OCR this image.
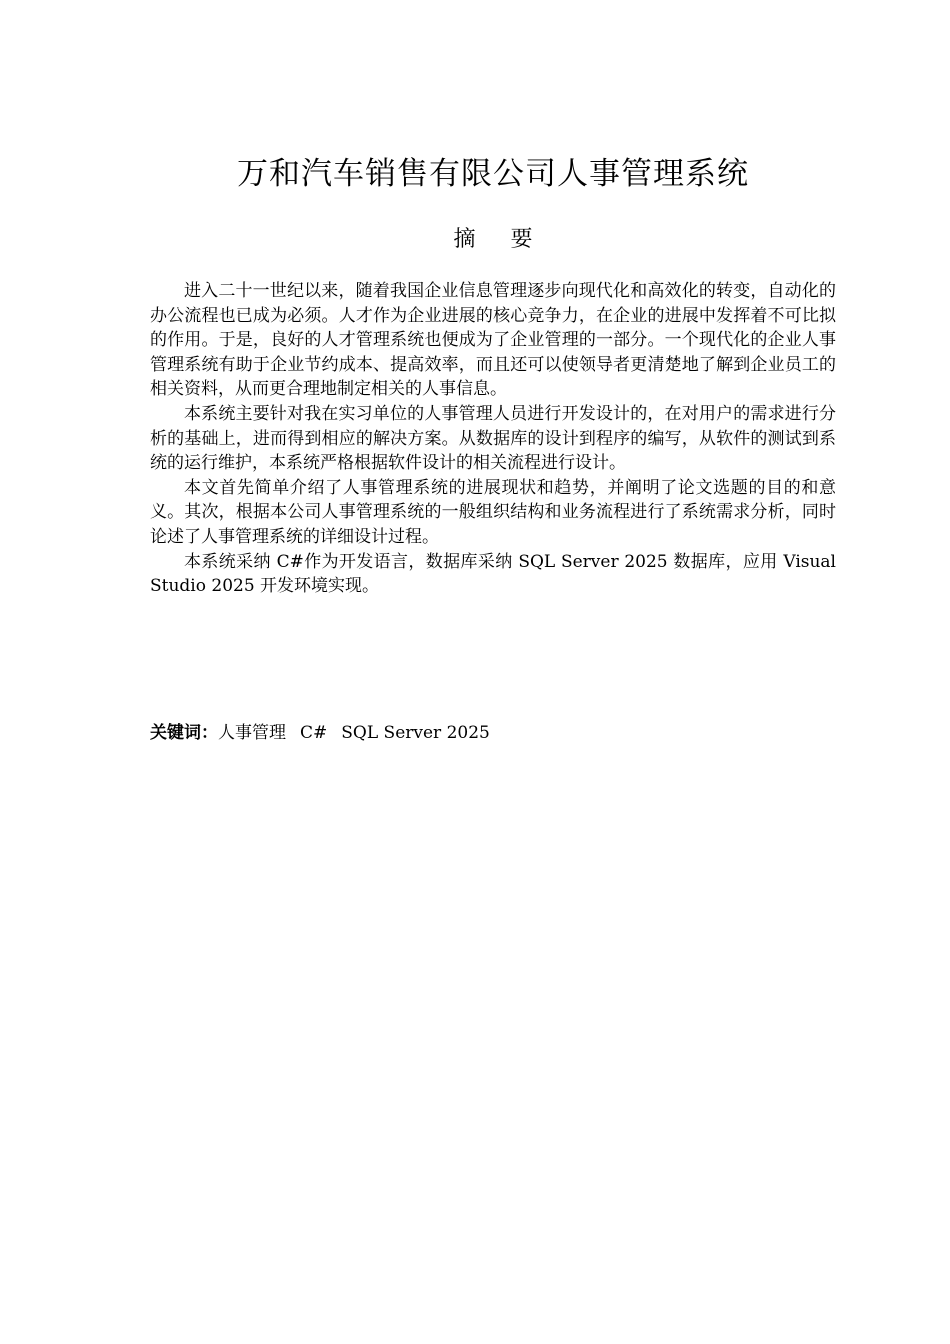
万和汽车销售有限公司人事管理系统
摘 要

进入二十一世纪以来，随着我国企业信息管理逐步向现代化和高效化的转变，自动化的办公流程也已成为必须。人才作为企业进展的核心竞争力，在企业的进展中发挥着不可比拟的作用。于是，良好的人才管理系统也便成为了企业管理的一部分。一个现代化的企业人事管理系统有助于企业节约成本、提高效率，而且还可以使领导者更清楚地了解到企业员工的相关资料，从而更合理地制定相关的人事信息。

本系统主要针对我在实习单位的人事管理人员进行开发设计的，在对用户的需求进行分析的基础上，进而得到相应的解决方案。从数据库的设计到程序的编写，从软件的测试到系统的运行维护，本系统严格根据软件设计的相关流程进行设计。

本文首先简单介绍了人事管理系统的进展现状和趋势，并阐明了论文选题的目的和意义。其次，根据本公司人事管理系统的一般组织结构和业务流程进行了系统需求分析，同时论述了人事管理系统的详细设计过程。

本系统采纳 C#作为开发语言，数据库采纳 SQL Server 2025 数据库，应用 Visual Studio 2025 开发环境实现。

关键词：人事管理 C# SQL Server 2025
